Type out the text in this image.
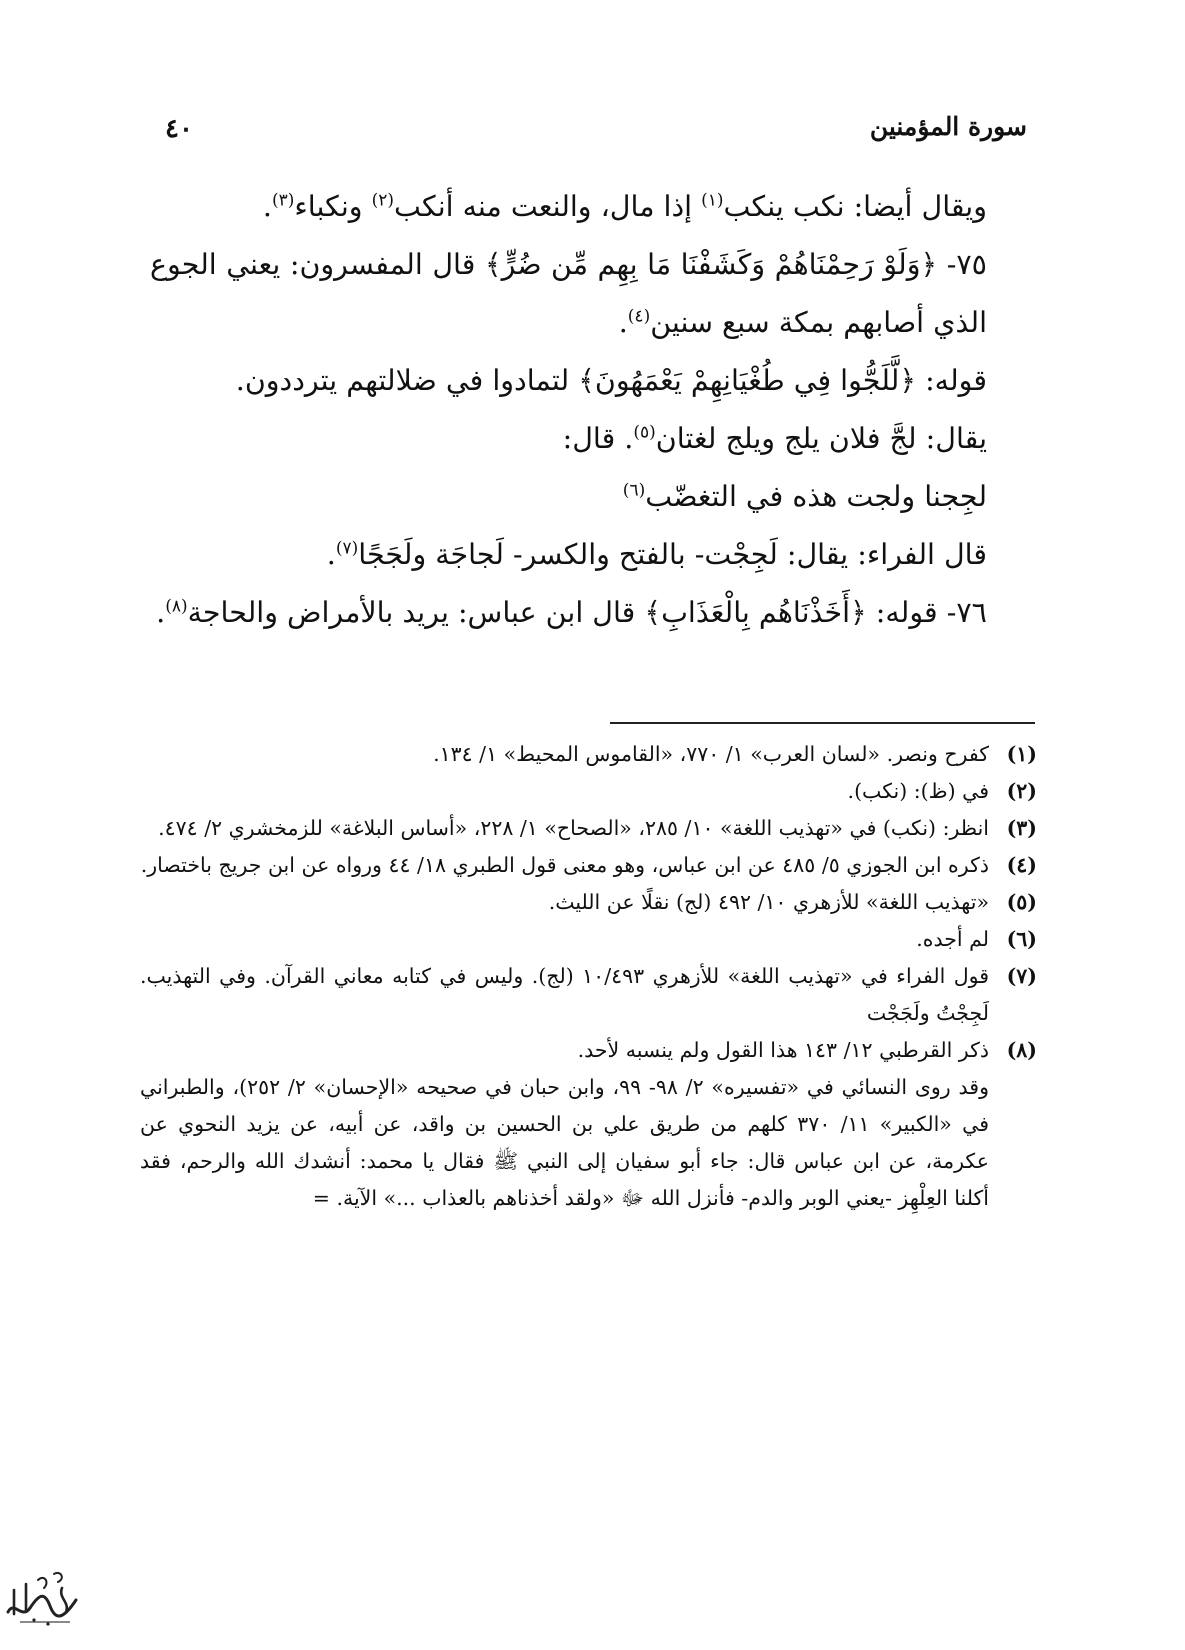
سورة المؤمنين
٤٠

ويقال أيضا: نكب ينكب$^{(١)}$ إذا مال، والنعت منه أنكب$^{(٢)}$ ونكباء$^{(٣)}$.

٧٥- ﴿وَلَوْ رَحِمْنَاهُمْ وَكَشَفْنَا مَا بِهِم مِّن ضُرٍّ﴾ قال المفسرون: يعني الجوع الذي أصابهم بمكة سبع سنين$^{(٤)}$.

قوله: ﴿لَّلَجُّوا فِي طُغْيَانِهِمْ يَعْمَهُونَ﴾ لتمادوا في ضلالتهم يترددون.

يقال: لجَّ فلان يلج ويلج لغتان$^{(٥)}$. قال:

لجِجنا ولجت هذه في التغضّب$^{(٦)}$

قال الفراء: يقال: لَجِجْت- بالفتح والكسر- لَجاجَة ولَجَجًا$^{(٧)}$.

٧٦- قوله: ﴿أَخَذْنَاهُم بِالْعَذَابِ﴾ قال ابن عباس: يريد بالأمراض والحاجة$^{(٨)}$.

(١)
كفرح ونصر. «لسان العرب» ١/ ٧٧٠، «القاموس المحيط» ١/ ١٣٤.
(٢)
في (ظ): (نكب).
(٣)
انظر: (نكب) في «تهذيب اللغة» ١٠/ ٢٨٥، «الصحاح» ١/ ٢٢٨، «أساس البلاغة» للزمخشري ٢/ ٤٧٤.
(٤)
ذكره ابن الجوزي ٥/ ٤٨٥ عن ابن عباس، وهو معنى قول الطبري ١٨/ ٤٤ ورواه عن ابن جريج باختصار.
(٥)
«تهذيب اللغة» للأزهري ١٠/ ٤٩٢ (لج) نقلًا عن الليث.
(٦)
لم أجده.
(٧)
قول الفراء في «تهذيب اللغة» للأزهري ١٠/٤٩٣ (لج). وليس في كتابه معاني القرآن. وفي التهذيب. لَجِجْتُ ولَجَجْت
(٨)
ذكر القرطبي ١٢/ ١٤٣ هذا القول ولم ينسبه لأحد.
وقد روى النسائي في «تفسيره» ٢/ ٩٨- ٩٩، وابن حبان في صحيحه «الإحسان» ٢/ ٢٥٢)، والطبراني في «الكبير» ١١/ ٣٧٠ كلهم من طريق علي بن الحسين بن واقد، عن أبيه، عن يزيد النحوي عن عكرمة، عن ابن عباس قال: جاء أبو سفيان إلى النبي ﷺ فقال يا محمد: أنشدك الله والرحم، فقد أكلنا العِلْهِز -يعني الوبر والدم- فأنزل الله ﷻ «ولقد أخذناهم بالعذاب ...» الآية. =
